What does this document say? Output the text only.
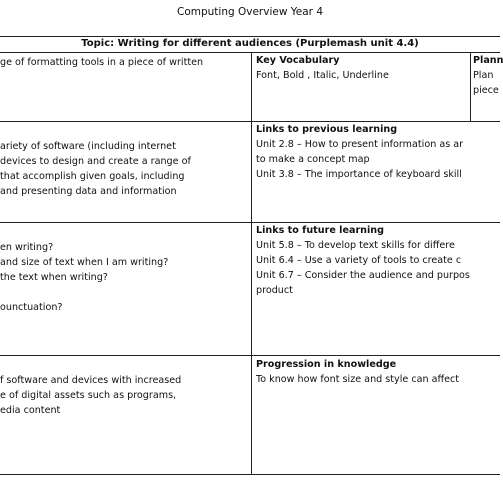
Computing Overview Year 4
Topic: Writing for different audiences (Purplemash unit 4.4)
ge of formatting tools in a piece of written	Key Vocabulary
Font, Bold , Italic, Underline
Plann
Plan
piece
ariety of software (including internet
devices to design and create a range of
that accomplish given goals, including
and presenting data and information
Links to previous learning
Unit 2.8 – How to present information as ar
to make a concept map
Unit 3.8 – The importance of keyboard skill
en writing?
and size of text when I am writing?
the text when writing?
ounctuation?
Links to future learning
Unit 5.8 – To develop text skills for differe
Unit 6.4 – Use a variety of tools to create c
Unit 6.7 – Consider the audience and purpos
product
f software and devices with increased
e of digital assets such as programs,
edia content
Progression in knowledge
To know how font size and style can affect
